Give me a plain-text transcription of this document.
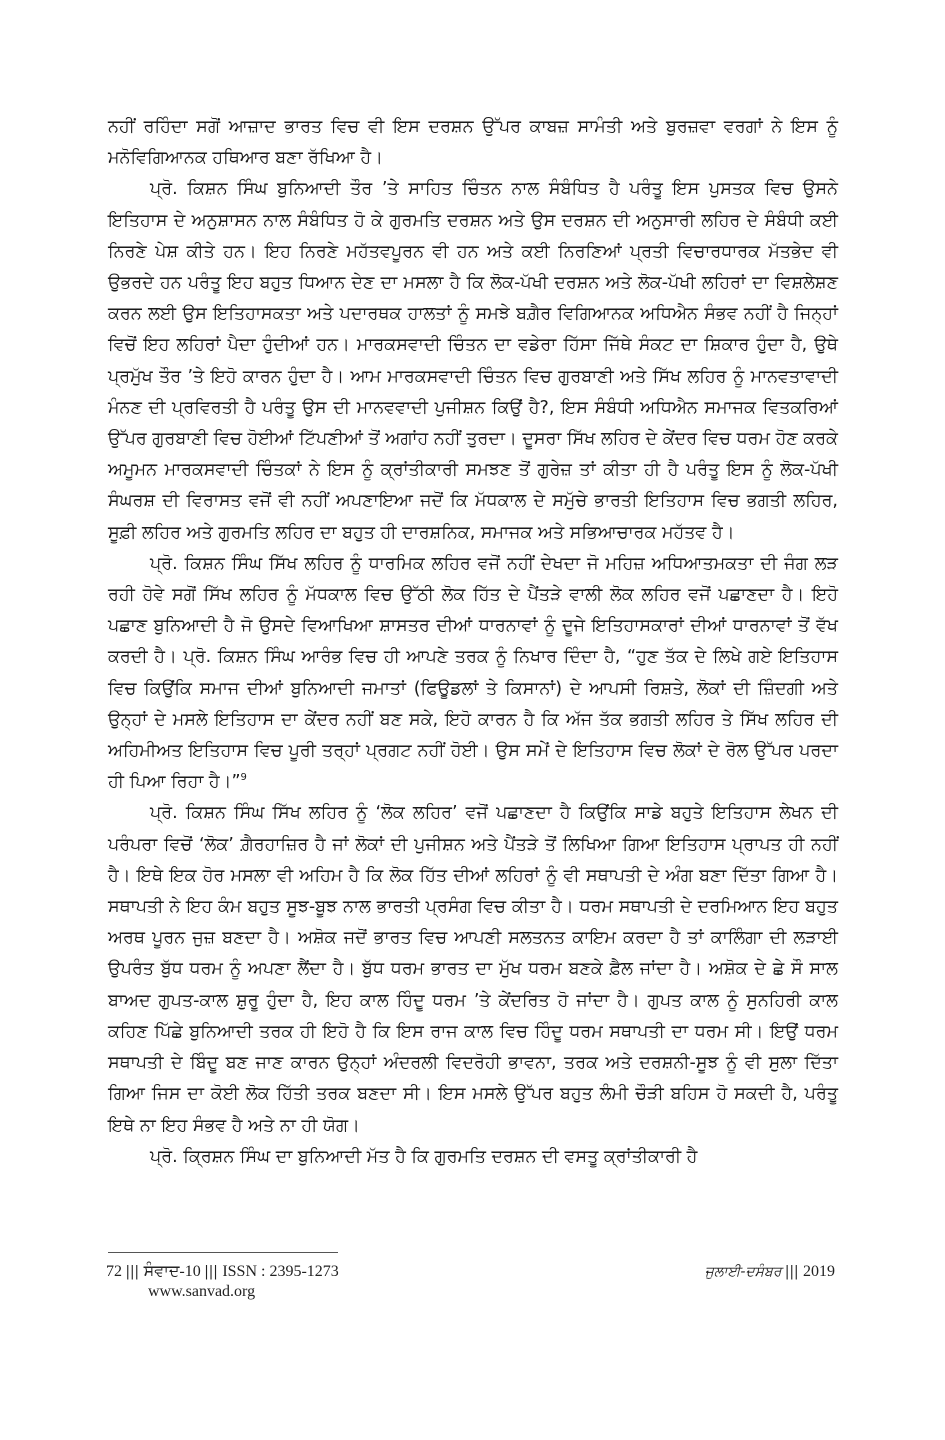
ਨਹੀਂ ਰਹਿੰਦਾ ਸਗੋਂ ਆਜ਼ਾਦ ਭਾਰਤ ਵਿਚ ਵੀ ਇਸ ਦਰਸ਼ਨ ਉੱਪਰ ਕਾਬਜ਼ ਸਾਮੰਤੀ ਅਤੇ ਬੁਰਜ਼ਵਾ ਵਰਗਾਂ ਨੇ ਇਸ ਨੂੰ ਮਨੋਵਿਗਿਆਨਕ ਹਥਿਆਰ ਬਣਾ ਰੱਖਿਆ ਹੈ।

ਪ੍ਰੋ. ਕਿਸ਼ਨ ਸਿੰਘ ਬੁਨਿਆਦੀ ਤੌਰ ’ਤੇ ਸਾਹਿਤ ਚਿੰਤਨ ਨਾਲ ਸੰਬੰਧਿਤ ਹੈ ਪਰੰਤੂ ਇਸ ਪੁਸਤਕ ਵਿਚ ਉਸਨੇ ਇਤਿਹਾਸ ਦੇ ਅਨੁਸ਼ਾਸਨ ਨਾਲ ਸੰਬੰਧਿਤ ਹੋ ਕੇ ਗੁਰਮਤਿ ਦਰਸ਼ਨ ਅਤੇ ਉਸ ਦਰਸ਼ਨ ਦੀ ਅਨੁਸਾਰੀ ਲਹਿਰ ਦੇ ਸੰਬੰਧੀ ਕਈ ਨਿਰਣੇ ਪੇਸ਼ ਕੀਤੇ ਹਨ। ਇਹ ਨਿਰਣੇ ਮਹੱਤਵਪੂਰਨ ਵੀ ਹਨ ਅਤੇ ਕਈ ਨਿਰਣਿਆਂ ਪ੍ਰਤੀ ਵਿਚਾਰਧਾਰਕ ਮੱਤਭੇਦ ਵੀ ਉਭਰਦੇ ਹਨ ਪਰੰਤੂ ਇਹ ਬਹੁਤ ਧਿਆਨ ਦੇਣ ਦਾ ਮਸਲਾ ਹੈ ਕਿ ਲੋਕ-ਪੱਖੀ ਦਰਸ਼ਨ ਅਤੇ ਲੋਕ-ਪੱਖੀ ਲਹਿਰਾਂ ਦਾ ਵਿਸ਼ਲੇਸ਼ਣ ਕਰਨ ਲਈ ਉਸ ਇਤਿਹਾਸਕਤਾ ਅਤੇ ਪਦਾਰਥਕ ਹਾਲਤਾਂ ਨੂੰ ਸਮਝੇ ਬਗ਼ੈਰ ਵਿਗਿਆਨਕ ਅਧਿਐਨ ਸੰਭਵ ਨਹੀਂ ਹੈ ਜਿਨ੍ਹਾਂ ਵਿਚੋਂ ਇਹ ਲਹਿਰਾਂ ਪੈਦਾ ਹੁੰਦੀਆਂ ਹਨ। ਮਾਰਕਸਵਾਦੀ ਚਿੰਤਨ ਦਾ ਵਡੇਰਾ ਹਿੱਸਾ ਜਿੱਥੇ ਸੰਕਟ ਦਾ ਸ਼ਿਕਾਰ ਹੁੰਦਾ ਹੈ, ਉਥੇ ਪ੍ਰਮੁੱਖ ਤੌਰ ’ਤੇ ਇਹੋ ਕਾਰਨ ਹੁੰਦਾ ਹੈ। ਆਮ ਮਾਰਕਸਵਾਦੀ ਚਿੰਤਨ ਵਿਚ ਗੁਰਬਾਣੀ ਅਤੇ ਸਿੱਖ ਲਹਿਰ ਨੂੰ ਮਾਨਵਤਾਵਾਦੀ ਮੰਨਣ ਦੀ ਪ੍ਰਵਿਰਤੀ ਹੈ ਪਰੰਤੂ ਉਸ ਦੀ ਮਾਨਵਵਾਦੀ ਪੁਜੀਸ਼ਨ ਕਿਉਂ ਹੈ?, ਇਸ ਸੰਬੰਧੀ ਅਧਿਐਨ ਸਮਾਜਕ ਵਿਤਕਰਿਆਂ ਉੱਪਰ ਗੁਰਬਾਣੀ ਵਿਚ ਹੋਈਆਂ ਟਿੱਪਣੀਆਂ ਤੋਂ ਅਗਾਂਹ ਨਹੀਂ ਤੁਰਦਾ। ਦੂਸਰਾ ਸਿੱਖ ਲਹਿਰ ਦੇ ਕੇਂਦਰ ਵਿਚ ਧਰਮ ਹੋਣ ਕਰਕੇ ਅਮੂਮਨ ਮਾਰਕਸਵਾਦੀ ਚਿੰਤਕਾਂ ਨੇ ਇਸ ਨੂੰ ਕ੍ਰਾਂਤੀਕਾਰੀ ਸਮਝਣ ਤੋਂ ਗੁਰੇਜ਼ ਤਾਂ ਕੀਤਾ ਹੀ ਹੈ ਪਰੰਤੂ ਇਸ ਨੂੰ ਲੋਕ-ਪੱਖੀ ਸੰਘਰਸ਼ ਦੀ ਵਿਰਾਸਤ ਵਜੋਂ ਵੀ ਨਹੀਂ ਅਪਣਾਇਆ ਜਦੋਂ ਕਿ ਮੱਧਕਾਲ ਦੇ ਸਮੁੱਚੇ ਭਾਰਤੀ ਇਤਿਹਾਸ ਵਿਚ ਭਗਤੀ ਲਹਿਰ, ਸੂਫ਼ੀ ਲਹਿਰ ਅਤੇ ਗੁਰਮਤਿ ਲਹਿਰ ਦਾ ਬਹੁਤ ਹੀ ਦਾਰਸ਼ਨਿਕ, ਸਮਾਜਕ ਅਤੇ ਸਭਿਆਚਾਰਕ ਮਹੱਤਵ ਹੈ।

ਪ੍ਰੋ. ਕਿਸ਼ਨ ਸਿੰਘ ਸਿੱਖ ਲਹਿਰ ਨੂੰ ਧਾਰਮਿਕ ਲਹਿਰ ਵਜੋਂ ਨਹੀਂ ਦੇਖਦਾ ਜੋ ਮਹਿਜ਼ ਅਧਿਆਤਮਕਤਾ ਦੀ ਜੰਗ ਲੜ ਰਹੀ ਹੋਵੇ ਸਗੋਂ ਸਿੱਖ ਲਹਿਰ ਨੂੰ ਮੱਧਕਾਲ ਵਿਚ ਉੱਠੀ ਲੋਕ ਹਿੱਤ ਦੇ ਪੈਂਤੜੇ ਵਾਲੀ ਲੋਕ ਲਹਿਰ ਵਜੋਂ ਪਛਾਣਦਾ ਹੈ। ਇਹੋ ਪਛਾਣ ਬੁਨਿਆਦੀ ਹੈ ਜੋ ਉਸਦੇ ਵਿਆਖਿਆ ਸ਼ਾਸਤਰ ਦੀਆਂ ਧਾਰਨਾਵਾਂ ਨੂੰ ਦੂਜੇ ਇਤਿਹਾਸਕਾਰਾਂ ਦੀਆਂ ਧਾਰਨਾਵਾਂ ਤੋਂ ਵੱਖ ਕਰਦੀ ਹੈ। ਪ੍ਰੋ. ਕਿਸ਼ਨ ਸਿੰਘ ਆਰੰਭ ਵਿਚ ਹੀ ਆਪਣੇ ਤਰਕ ਨੂੰ ਨਿਖਾਰ ਦਿੰਦਾ ਹੈ, “ਹੁਣ ਤੱਕ ਦੇ ਲਿਖੇ ਗਏ ਇਤਿਹਾਸ ਵਿਚ ਕਿਉਂਕਿ ਸਮਾਜ ਦੀਆਂ ਬੁਨਿਆਦੀ ਜਮਾਤਾਂ (ਫਿਊਡਲਾਂ ਤੇ ਕਿਸਾਨਾਂ) ਦੇ ਆਪਸੀ ਰਿਸ਼ਤੇ, ਲੋਕਾਂ ਦੀ ਜ਼ਿੰਦਗੀ ਅਤੇ ਉਨ੍ਹਾਂ ਦੇ ਮਸਲੇ ਇਤਿਹਾਸ ਦਾ ਕੇਂਦਰ ਨਹੀਂ ਬਣ ਸਕੇ, ਇਹੋ ਕਾਰਨ ਹੈ ਕਿ ਅੱਜ ਤੱਕ ਭਗਤੀ ਲਹਿਰ ਤੇ ਸਿੱਖ ਲਹਿਰ ਦੀ ਅਹਿਮੀਅਤ ਇਤਿਹਾਸ ਵਿਚ ਪੂਰੀ ਤਰ੍ਹਾਂ ਪ੍ਰਗਟ ਨਹੀਂ ਹੋਈ। ਉਸ ਸਮੇਂ ਦੇ ਇਤਿਹਾਸ ਵਿਚ ਲੋਕਾਂ ਦੇ ਰੋਲ ਉੱਪਰ ਪਰਦਾ ਹੀ ਪਿਆ ਰਿਹਾ ਹੈ।”$^9$

ਪ੍ਰੋ. ਕਿਸ਼ਨ ਸਿੰਘ ਸਿੱਖ ਲਹਿਰ ਨੂੰ ‘ਲੋਕ ਲਹਿਰ’ ਵਜੋਂ ਪਛਾਣਦਾ ਹੈ ਕਿਉਂਕਿ ਸਾਡੇ ਬਹੁਤੇ ਇਤਿਹਾਸ ਲੇਖਨ ਦੀ ਪਰੰਪਰਾ ਵਿਚੋਂ ‘ਲੋਕ’ ਗ਼ੈਰਹਾਜ਼ਿਰ ਹੈ ਜਾਂ ਲੋਕਾਂ ਦੀ ਪੁਜੀਸ਼ਨ ਅਤੇ ਪੈਂਤੜੇ ਤੋਂ ਲਿਖਿਆ ਗਿਆ ਇਤਿਹਾਸ ਪ੍ਰਾਪਤ ਹੀ ਨਹੀਂ ਹੈ। ਇਥੇ ਇਕ ਹੋਰ ਮਸਲਾ ਵੀ ਅਹਿਮ ਹੈ ਕਿ ਲੋਕ ਹਿੱਤ ਦੀਆਂ ਲਹਿਰਾਂ ਨੂੰ ਵੀ ਸਥਾਪਤੀ ਦੇ ਅੰਗ ਬਣਾ ਦਿੱਤਾ ਗਿਆ ਹੈ। ਸਥਾਪਤੀ ਨੇ ਇਹ ਕੰਮ ਬਹੁਤ ਸੂਝ-ਬੂਝ ਨਾਲ ਭਾਰਤੀ ਪ੍ਰਸੰਗ ਵਿਚ ਕੀਤਾ ਹੈ। ਧਰਮ ਸਥਾਪਤੀ ਦੇ ਦਰਮਿਆਨ ਇਹ ਬਹੁਤ ਅਰਥ ਪੂਰਨ ਜੁਜ਼ ਬਣਦਾ ਹੈ। ਅਸ਼ੋਕ ਜਦੋਂ ਭਾਰਤ ਵਿਚ ਆਪਣੀ ਸਲਤਨਤ ਕਾਇਮ ਕਰਦਾ ਹੈ ਤਾਂ ਕਾਲਿੰਗਾ ਦੀ ਲੜਾਈ ਉਪਰੰਤ ਬੁੱਧ ਧਰਮ ਨੂੰ ਅਪਣਾ ਲੈਂਦਾ ਹੈ। ਬੁੱਧ ਧਰਮ ਭਾਰਤ ਦਾ ਮੁੱਖ ਧਰਮ ਬਣਕੇ ਫ਼ੈਲ ਜਾਂਦਾ ਹੈ। ਅਸ਼ੋਕ ਦੇ ਛੇ ਸੌ ਸਾਲ ਬਾਅਦ ਗੁਪਤ-ਕਾਲ ਸ਼ੁਰੂ ਹੁੰਦਾ ਹੈ, ਇਹ ਕਾਲ ਹਿੰਦੂ ਧਰਮ ’ਤੇ ਕੇਂਦਰਿਤ ਹੋ ਜਾਂਦਾ ਹੈ। ਗੁਪਤ ਕਾਲ ਨੂੰ ਸੁਨਹਿਰੀ ਕਾਲ ਕਹਿਣ ਪਿੱਛੇ ਬੁਨਿਆਦੀ ਤਰਕ ਹੀ ਇਹੋ ਹੈ ਕਿ ਇਸ ਰਾਜ ਕਾਲ ਵਿਚ ਹਿੰਦੂ ਧਰਮ ਸਥਾਪਤੀ ਦਾ ਧਰਮ ਸੀ। ਇਉਂ ਧਰਮ ਸਥਾਪਤੀ ਦੇ ਬਿੰਦੂ ਬਣ ਜਾਣ ਕਾਰਨ ਉਨ੍ਹਾਂ ਅੰਦਰਲੀ ਵਿਦਰੋਹੀ ਭਾਵਨਾ, ਤਰਕ ਅਤੇ ਦਰਸ਼ਨੀ-ਸੂਝ ਨੂੰ ਵੀ ਸੁਲਾ ਦਿੱਤਾ ਗਿਆ ਜਿਸ ਦਾ ਕੋਈ ਲੋਕ ਹਿੱਤੀ ਤਰਕ ਬਣਦਾ ਸੀ। ਇਸ ਮਸਲੇ ਉੱਪਰ ਬਹੁਤ ਲੰਮੀ ਚੌੜੀ ਬਹਿਸ ਹੋ ਸਕਦੀ ਹੈ, ਪਰੰਤੂ ਇਥੇ ਨਾ ਇਹ ਸੰਭਵ ਹੈ ਅਤੇ ਨਾ ਹੀ ਯੋਗ।

ਪ੍ਰੋ. ਕ੍ਰਿਸ਼ਨ ਸਿੰਘ ਦਾ ਬੁਨਿਆਦੀ ਮੱਤ ਹੈ ਕਿ ਗੁਰਮਤਿ ਦਰਸ਼ਨ ਦੀ ਵਸਤੂ ਕ੍ਰਾਂਤੀਕਾਰੀ ਹੈ

72 ||| ਸੰਵਾਦ-10 ||| ISSN : 2395-1273
www.sanvad.org
ਜੁਲਾਈ-ਦਸੰਬਰ ||| 2019
